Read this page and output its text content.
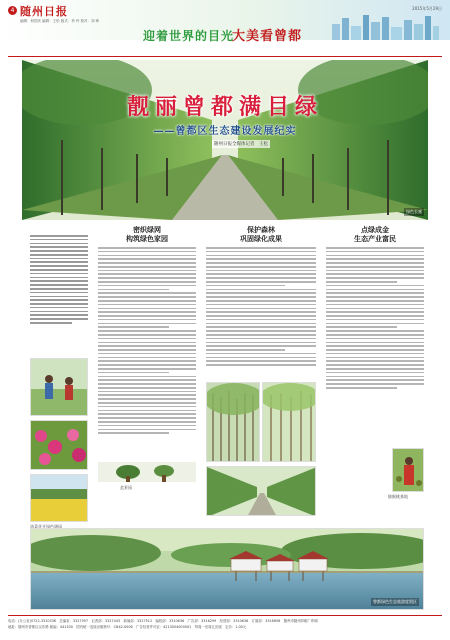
4 随州日报
编辑：何国庆 编辑：王松 版式：李 玲 校对：刘 珍
2015年5月29日
迎着世界的目光
大美看曾都
靓丽曾都满目绿
——曾都区生态建设发展纪实
随州日报全媒体记者　王松
绿色长廊
油菜花开绿色满园
密织绿网
构筑绿色家园
保护森林
巩固绿化成果
盆景园
点绿成金
生态产业富民
猕猴桃基地
曾都绿色生态旅游度假区
电话：(办公室)0722-3310336　总编室：3327397　记者部：3327443　新闻部：3327512　编校部：3310636　广告部：3316299　经营部：3310636　订阅部：3316656　随州市随州印刷厂印刷
地址：随州市曾都区汉东路 邮编：441300　国内统一连续出版物号：CN42-0006　广告经营许可证：4213004000001　每周一至周五出版　定价：1.00元
